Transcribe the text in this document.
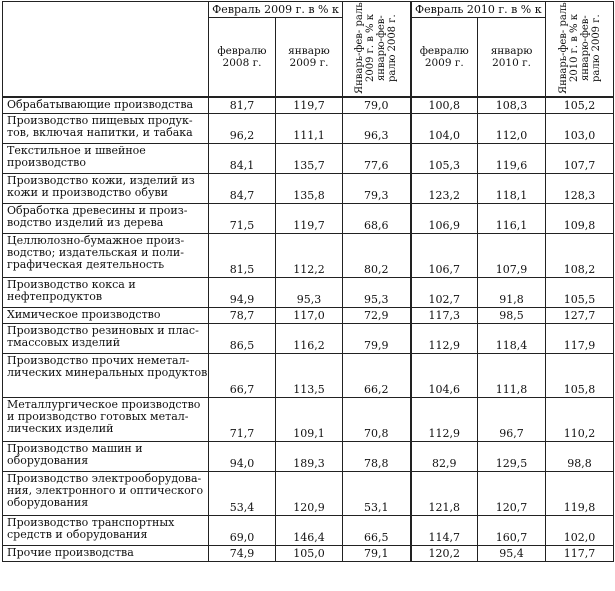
	Февраль 2009 г. в % к		Январь-фев- раль 2009 г. в % к январю-фев- ралю 2008 г.	Февраль 2010 г. в % к		Январь-фев- раль 2010 г. в % к январю-фев- ралю 2009 г.
	февралю 2008 г.	январю 2009 г.		февралю 2009 г.	январю 2010 г.	
Обрабатывающие производства	81,7	119,7	79,0	100,8	108,3	105,2
Производство пищевых продук- тов, включая напитки, и табака	96,2	111,1	96,3	104,0	112,0	103,0
Текстильное и швейное производство	84,1	135,7	77,6	105,3	119,6	107,7
Производство кожи, изделий из кожи и производство обуви	84,7	135,8	79,3	123,2	118,1	128,3
Обработка древесины и произ- водство изделий из дерева	71,5	119,7	68,6	106,9	116,1	109,8
Целлюлозно-бумажное произ- водство; издательская и поли- графическая деятельность	81,5	112,2	80,2	106,7	107,9	108,2
Производство кокса и нефтепродуктов	94,9	95,3	95,3	102,7	91,8	105,5
Химическое производство	78,7	117,0	72,9	117,3	98,5	127,7
Производство резиновых и плас- тмассовых изделий	86,5	116,2	79,9	112,9	118,4	117,9
Производство прочих неметал- лических минеральных продуктов	66,7	113,5	66,2	104,6	111,8	105,8
Металлургическое производство и производство готовых метал- лических изделий	71,7	109,1	70,8	112,9	96,7	110,2
Производство машин и оборудования	94,0	189,3	78,8	82,9	129,5	98,8
Производство электрооборудова- ния, электронного и оптического оборудования	53,4	120,9	53,1	121,8	120,7	119,8
Производство транспортных средств и оборудования	69,0	146,4	66,5	114,7	160,7	102,0
Прочие производства	74,9	105,0	79,1	120,2	95,4	117,7
